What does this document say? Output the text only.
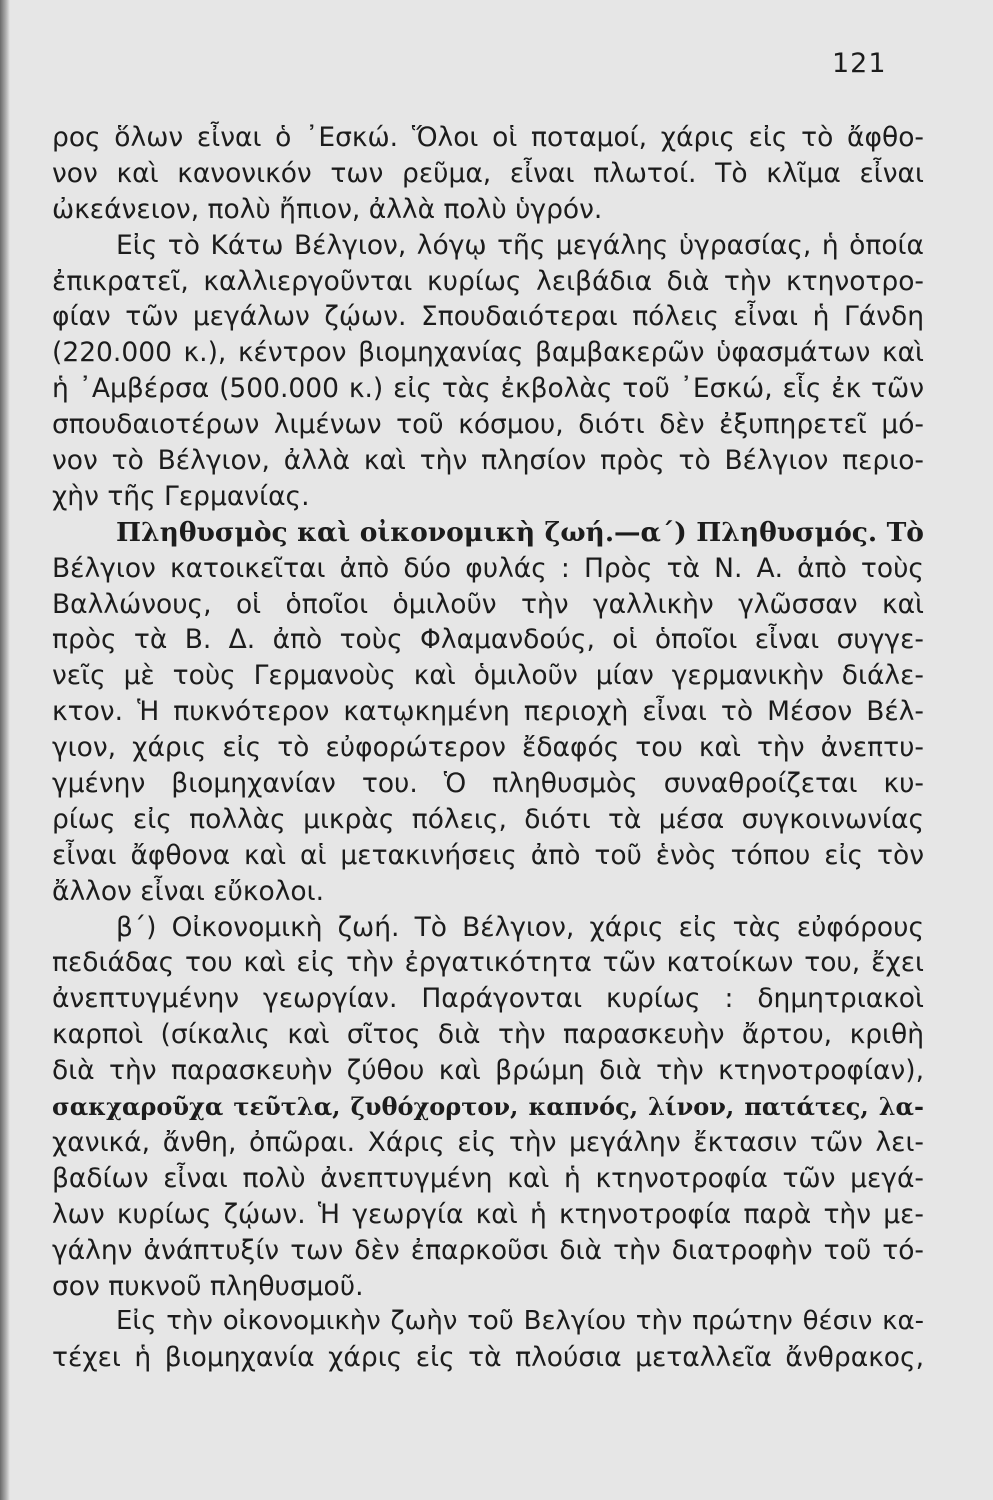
121
ρος ὅλων εἶναι ὁ ᾿Εσκώ. Ὅλοι οἱ ποταμοί, χάρις εἰς τὸ ἄφθο-
νον καὶ κανονικόν των ρεῦμα, εἶναι πλωτοί. Τὸ κλῖμα εἶναι
ὠκεάνειον, πολὺ ἤπιον, ἀλλὰ πολὺ ὑγρόν.
Εἰς τὸ Κάτω Βέλγιον, λόγῳ τῆς μεγάλης ὑγρασίας, ἡ ὁποία
ἐπικρατεῖ, καλλιεργοῦνται κυρίως λειβάδια διὰ τὴν κτηνοτρο-
φίαν τῶν μεγάλων ζῴων. Σπουδαιότεραι πόλεις εἶναι ἡ Γάνδη
(220.000 κ.), κέντρον βιομηχανίας βαμβακερῶν ὑφασμάτων καὶ
ἡ ᾿Αμβέρσα (500.000 κ.) εἰς τὰς ἐκβολὰς τοῦ ᾿Εσκώ, εἷς ἐκ τῶν
σπουδαιοτέρων λιμένων τοῦ κόσμου, διότι δὲν ἐξυπηρετεῖ μό-
νον τὸ Βέλγιον, ἀλλὰ καὶ τὴν πλησίον πρὸς τὸ Βέλγιον περιο-
χὴν τῆς Γερμανίας.
Πληθυσμὸς καὶ οἰκονομικὴ ζωή.—α΄) Πληθυσμός. Τὸ
Βέλγιον κατοικεῖται ἀπὸ δύο φυλάς : Πρὸς τὰ Ν. Α. ἀπὸ τοὺς
Βαλλώνους, οἱ ὁποῖοι ὁμιλοῦν τὴν γαλλικὴν γλῶσσαν καὶ
πρὸς τὰ Β. Δ. ἀπὸ τοὺς Φλαμανδούς, οἱ ὁποῖοι εἶναι συγγε-
νεῖς μὲ τοὺς Γερμανοὺς καὶ ὁμιλοῦν μίαν γερμανικὴν διάλε-
κτον. Ἡ πυκνότερον κατῳκημένη περιοχὴ εἶναι τὸ Μέσον Βέλ-
γιον, χάρις εἰς τὸ εὐφορώτερον ἔδαφός του καὶ τὴν ἀνεπτυ-
γμένην βιομηχανίαν του. Ὁ πληθυσμὸς συναθροίζεται κυ-
ρίως εἰς πολλὰς μικρὰς πόλεις, διότι τὰ μέσα συγκοινωνίας
εἶναι ἄφθονα καὶ αἱ μετακινήσεις ἀπὸ τοῦ ἑνὸς τόπου εἰς τὸν
ἄλλον εἶναι εὔκολοι.
β΄) Οἰκονομικὴ ζωή. Τὸ Βέλγιον, χάρις εἰς τὰς εὐφόρους
πεδιάδας του καὶ εἰς τὴν ἐργατικότητα τῶν κατοίκων του, ἔχει
ἀνεπτυγμένην γεωργίαν. Παράγονται κυρίως : δημητριακοὶ
καρποὶ (σίκαλις καὶ σῖτος διὰ τὴν παρασκευὴν ἄρτου, κριθὴ
διὰ τὴν παρασκευὴν ζύθου καὶ βρώμη διὰ τὴν κτηνοτροφίαν),
σακχαροῦχα τεῦτλα, ζυθόχορτον, καπνός, λίνον, πατάτες, λα-
χανικά, ἄνθη, ὀπῶραι. Χάρις εἰς τὴν μεγάλην ἔκτασιν τῶν λει-
βαδίων εἶναι πολὺ ἀνεπτυγμένη καὶ ἡ κτηνοτροφία τῶν μεγά-
λων κυρίως ζῴων. Ἡ γεωργία καὶ ἡ κτηνοτροφία παρὰ τὴν με-
γάλην ἀνάπτυξίν των δὲν ἐπαρκοῦσι διὰ τὴν διατροφὴν τοῦ τό-
σον πυκνοῦ πληθυσμοῦ.
Εἰς τὴν οἰκονομικὴν ζωὴν τοῦ Βελγίου τὴν πρώτην θέσιν κα-
τέχει ἡ βιομηχανία χάρις εἰς τὰ πλούσια μεταλλεῖα ἄνθρακος,
